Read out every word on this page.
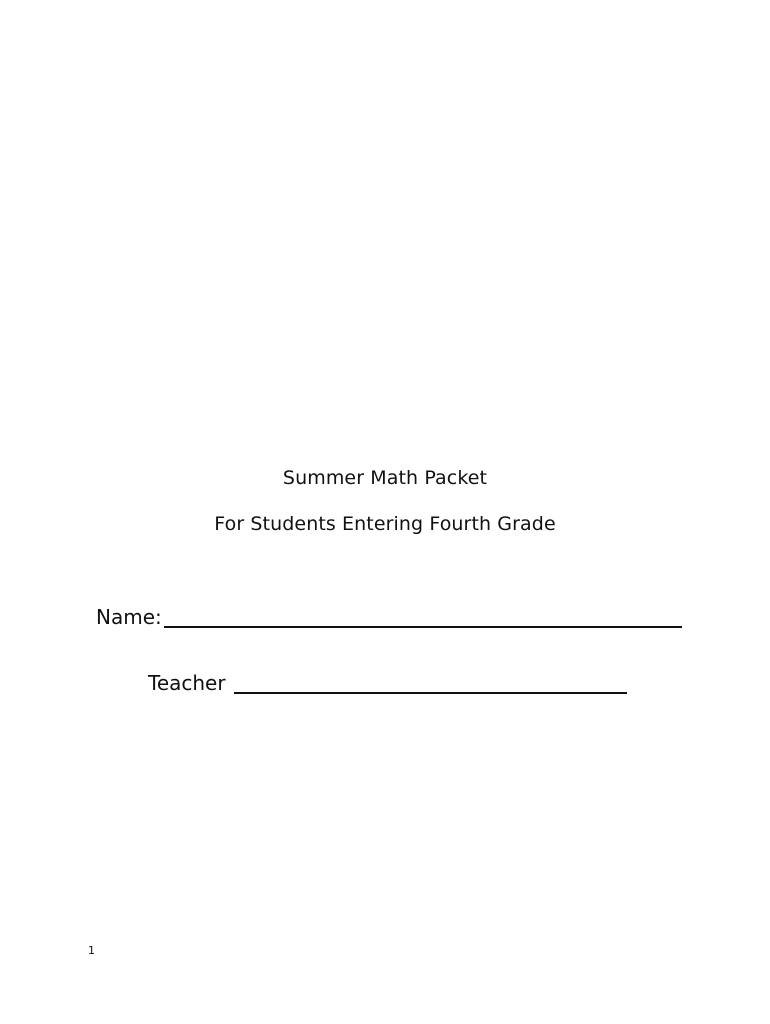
Summer Math Packet
For Students Entering Fourth Grade
Name:
Teacher
1
